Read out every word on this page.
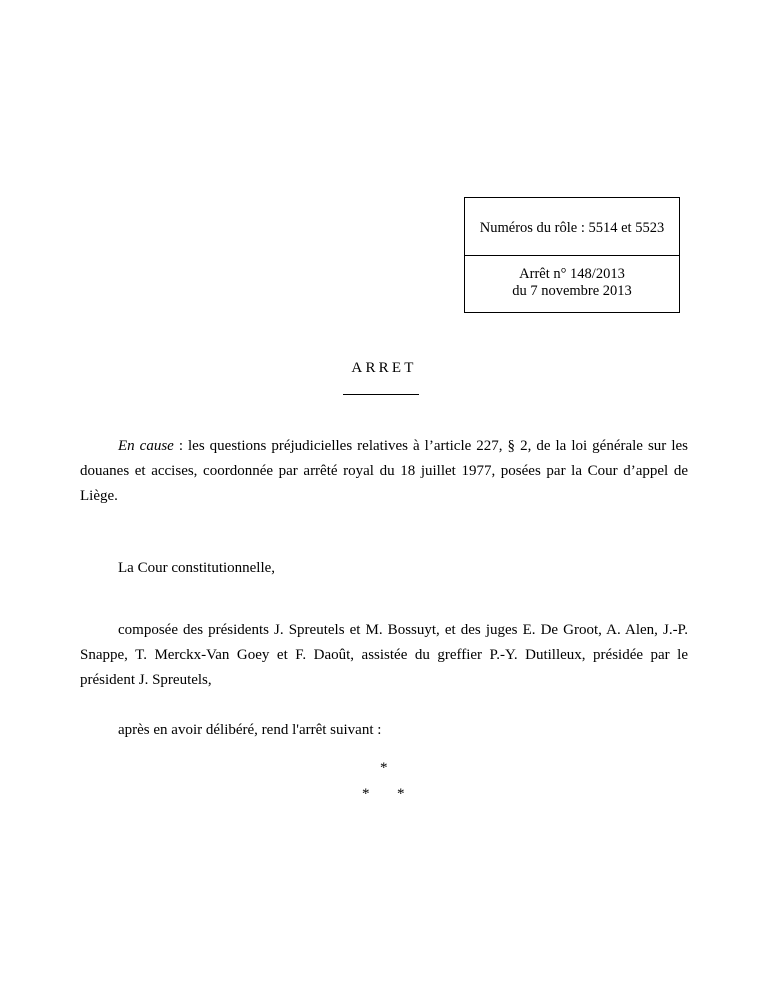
Numéros du rôle : 5514 et 5523
Arrêt n° 148/2013
du 7 novembre 2013
ARRET
En cause : les questions préjudicielles relatives à l’article 227, § 2, de la loi générale sur les douanes et accises, coordonnée par arrêté royal du 18 juillet 1977, posées par la Cour d’appel de Liège.
La Cour constitutionnelle,
composée des présidents J. Spreutels et M. Bossuyt, et des juges E. De Groot, A. Alen, J.-P. Snappe, T. Merckx-Van Goey et F. Daoût, assistée du greffier P.-Y. Dutilleux, présidée par le président J. Spreutels,
après en avoir délibéré, rend l'arrêt suivant :
*
* *
